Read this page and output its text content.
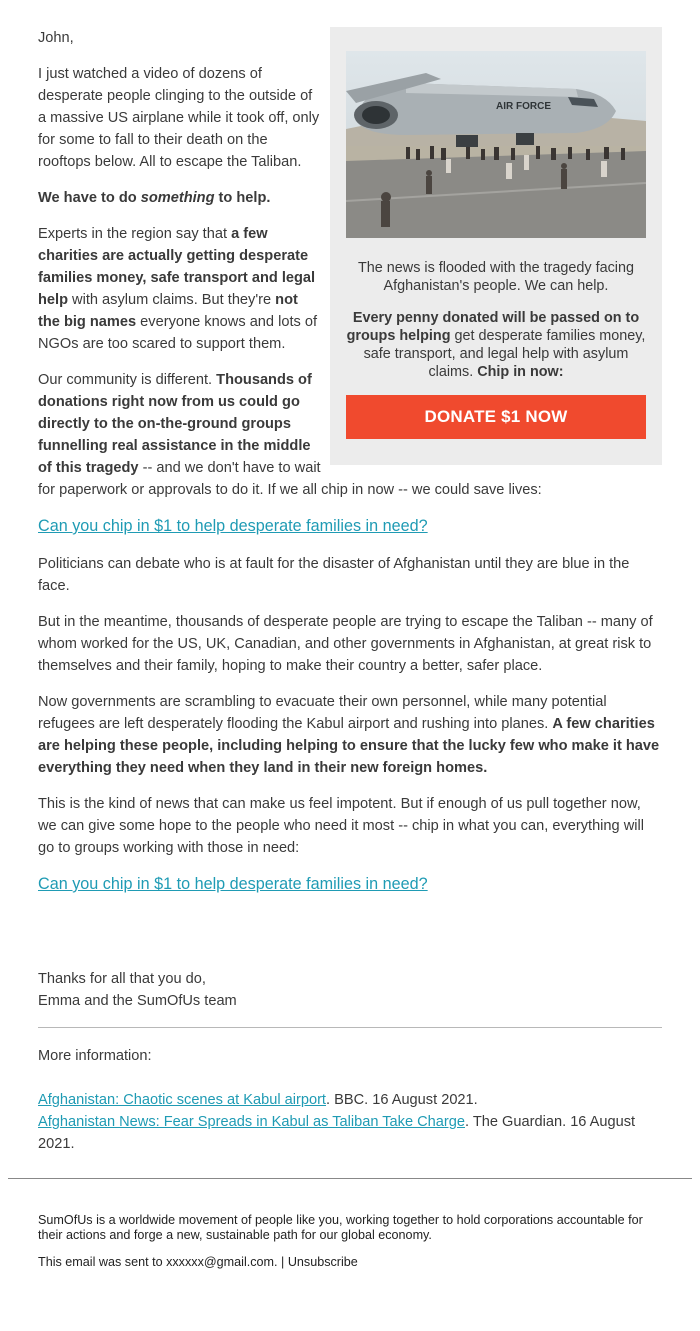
AIR FORCE

The news is flooded with the tragedy facing Afghanistan's people. We can help.

Every penny donated will be passed on to groups helping get desperate families money, safe transport, and legal help with asylum claims. Chip in now:

DONATE $1 NOW

John,

I just watched a video of dozens of desperate people clinging to the outside of a massive US airplane while it took off, only for some to fall to their death on the rooftops below. All to escape the Taliban.

We have to do something to help.

Experts in the region say that a few charities are actually getting desperate families money, safe transport and legal help with asylum claims. But they're not the big names everyone knows and lots of NGOs are too scared to support them.

Our community is different. Thousands of donations right now from us could go directly to the on-the-ground groups funnelling real assistance in the middle of this tragedy -- and we don't have to wait for paperwork or approvals to do it. If we all chip in now -- we could save lives:

Can you chip in $1 to help desperate families in need?

Politicians can debate who is at fault for the disaster of Afghanistan until they are blue in the face.

But in the meantime, thousands of desperate people are trying to escape the Taliban -- many of whom worked for the US, UK, Canadian, and other governments in Afghanistan, at great risk to themselves and their family, hoping to make their country a better, safer place.

Now governments are scrambling to evacuate their own personnel, while many potential refugees are left desperately flooding the Kabul airport and rushing into planes. A few charities are helping these people, including helping to ensure that the lucky few who make it have everything they need when they land in their new foreign homes.

This is the kind of news that can make us feel impotent. But if enough of us pull together now, we can give some hope to the people who need it most -- chip in what you can, everything will go to groups working with those in need:

Can you chip in $1 to help desperate families in need?

Thanks for all that you do,
Emma and the SumOfUs team
More information:
Afghanistan: Chaotic scenes at Kabul airport. BBC. 16 August 2021.
Afghanistan News: Fear Spreads in Kabul as Taliban Take Charge. The Guardian. 16 August 2021.

SumOfUs is a worldwide movement of people like you, working together to hold corporations accountable for their actions and forge a new, sustainable path for our global economy.

This email was sent to xxxxxx@gmail.com. | Unsubscribe
